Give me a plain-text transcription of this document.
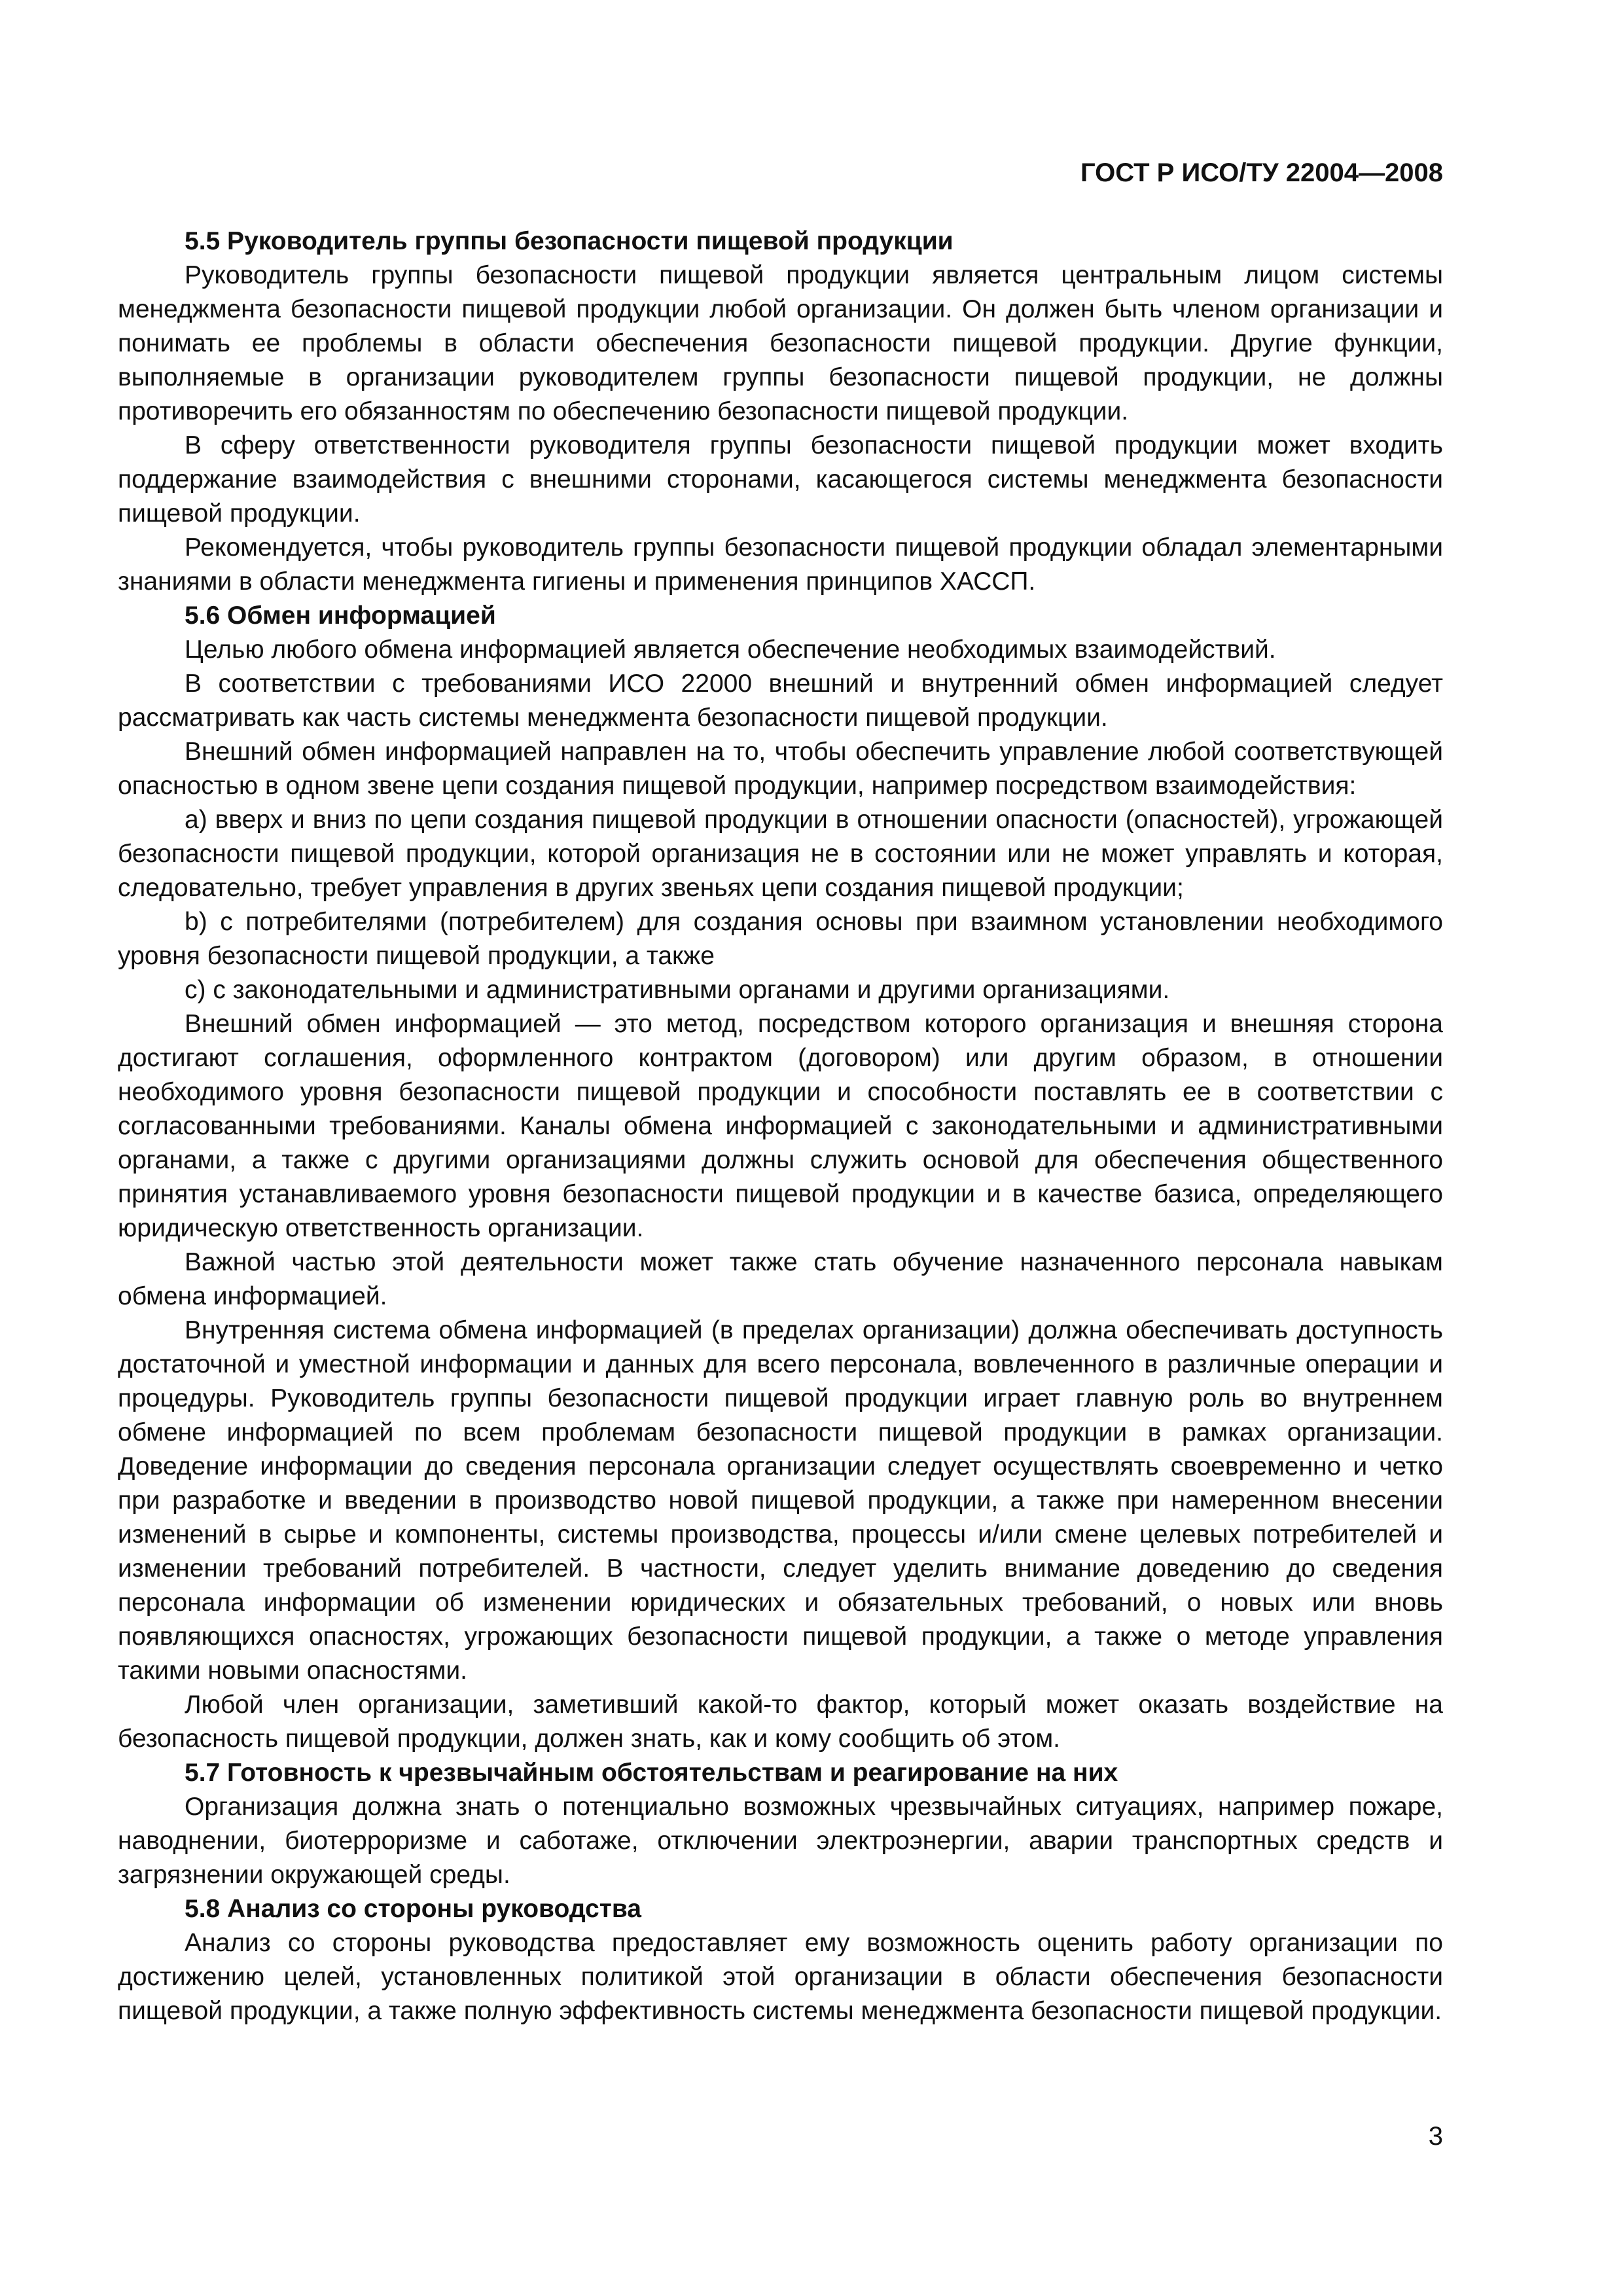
ГОСТ Р ИСО/ТУ 22004—2008

5.5 Руководитель группы безопасности пищевой продукции

Руководитель группы безопасности пищевой продукции является центральным лицом системы менеджмента безопасности пищевой продукции любой организации. Он должен быть членом организации и понимать ее проблемы в области обеспечения безопасности пищевой продукции. Другие функции, выполняемые в организации руководителем группы безопасности пищевой продукции, не должны противоречить его обязанностям по обеспечению безопасности пищевой продукции.

В сферу ответственности руководителя группы безопасности пищевой продукции может входить поддержание взаимодействия с внешними сторонами, касающегося системы менеджмента безопасности пищевой продукции.

Рекомендуется, чтобы руководитель группы безопасности пищевой продукции обладал элементарными знаниями в области менеджмента гигиены и применения принципов ХАССП.

5.6 Обмен информацией

Целью любого обмена информацией является обеспечение необходимых взаимодействий.

В соответствии с требованиями ИСО 22000 внешний и внутренний обмен информацией следует рассматривать как часть системы менеджмента безопасности пищевой продукции.

Внешний обмен информацией направлен на то, чтобы обеспечить управление любой соответствующей опасностью в одном звене цепи создания пищевой продукции, например посредством взаимодействия:

a) вверх и вниз по цепи создания пищевой продукции в отношении опасности (опасностей), угрожающей безопасности пищевой продукции, которой организация не в состоянии или не может управлять и которая, следовательно, требует управления в других звеньях цепи создания пищевой продукции;

b) с потребителями (потребителем) для создания основы при взаимном установлении необходимого уровня безопасности пищевой продукции, а также

c) с законодательными и административными органами и другими организациями.

Внешний обмен информацией — это метод, посредством которого организация и внешняя сторона достигают соглашения, оформленного контрактом (договором) или другим образом, в отношении необходимого уровня безопасности пищевой продукции и способности поставлять ее в соответствии с согласованными требованиями. Каналы обмена информацией с законодательными и административными органами, а также с другими организациями должны служить основой для обеспечения общественного принятия устанавливаемого уровня безопасности пищевой продукции и в качестве базиса, определяющего юридическую ответственность организации.

Важной частью этой деятельности может также стать обучение назначенного персонала навыкам обмена информацией.

Внутренняя система обмена информацией (в пределах организации) должна обеспечивать доступность достаточной и уместной информации и данных для всего персонала, вовлеченного в различные операции и процедуры. Руководитель группы безопасности пищевой продукции играет главную роль во внутреннем обмене информацией по всем проблемам безопасности пищевой продукции в рамках организации. Доведение информации до сведения персонала организации следует осуществлять своевременно и четко при разработке и введении в производство новой пищевой продукции, а также при намеренном внесении изменений в сырье и компоненты, системы производства, процессы и/или смене целевых потребителей и изменении требований потребителей. В частности, следует уделить внимание доведению до сведения персонала информации об изменении юридических и обязательных требований, о новых или вновь появляющихся опасностях, угрожающих безопасности пищевой продукции, а также о методе управления такими новыми опасностями.

Любой член организации, заметивший какой-то фактор, который может оказать воздействие на безопасность пищевой продукции, должен знать, как и кому сообщить об этом.

5.7 Готовность к чрезвычайным обстоятельствам и реагирование на них

Организация должна знать о потенциально возможных чрезвычайных ситуациях, например пожаре, наводнении, биотерроризме и саботаже, отключении электроэнергии, аварии транспортных средств и загрязнении окружающей среды.

5.8 Анализ со стороны руководства

Анализ со стороны руководства предоставляет ему возможность оценить работу организации по достижению целей, установленных политикой этой организации в области обеспечения безопасности пищевой продукции, а также полную эффективность системы менеджмента безопасности пищевой продукции.

3
